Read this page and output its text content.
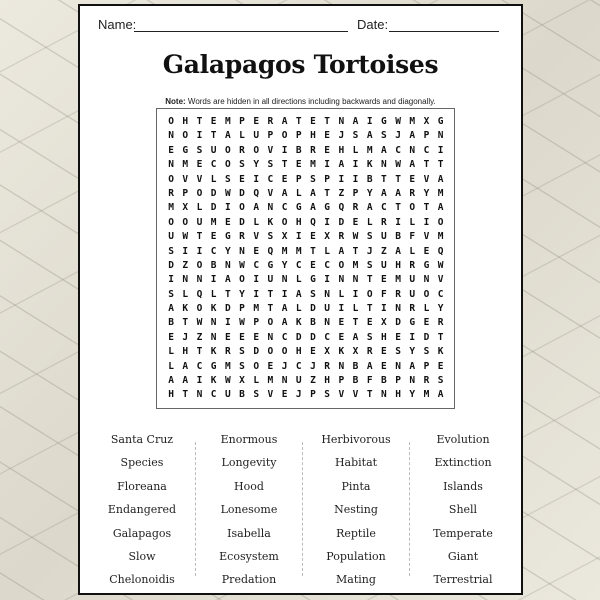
Name:	Date:
Galapagos Tortoises
Note: Words are hidden in all directions including backwards and diagonally.
O H T E M P E R A T E T N A I G W M X G
N O I T A L U P O P H E J S A S J A P N
E G S U O R O V I B R E H L M A C N C I
N M E C O S Y S T E M I A I K N W A T T
O V V L S E I C E P S P I I B T T E V A
R P O D W D Q V A L A T Z P Y A A R Y M
M X L D I O A N C G A G Q R A C T O T A
O O U M E D L K O H Q I D E L R I L I O
U W T E G R V S X I E X R W S U B F V M
S I I C Y N E Q M M T L A T J Z A L E Q
D Z O B N W C G Y C E C O M S U H R G W
I N N I A O I U N L G I N N T E M U N V
S L Q L T Y I T I A S N L I O F R U O C
A K O K D P M T A L D U I L T I N R L Y
B T W N I W P O A K B N E T E X D G E R
E J Z N E E E N C D D C E A S H E I D T
L H T K R S D O O H E X K X R E S Y S K
L A C G M S O E J C J R N B A E N A P E
A A I K W X L M N U Z H P B F B P N R S
H T N C U B S V E J P S V V T N H Y M A
Santa Cruz
Species
Floreana
Endangered
Galapagos
Slow
Chelonoidis
Enormous
Longevity
Hood
Lonesome
Isabella
Ecosystem
Predation
Herbivorous
Habitat
Pinta
Nesting
Reptile
Population
Mating
Evolution
Extinction
Islands
Shell
Temperate
Giant
Terrestrial
